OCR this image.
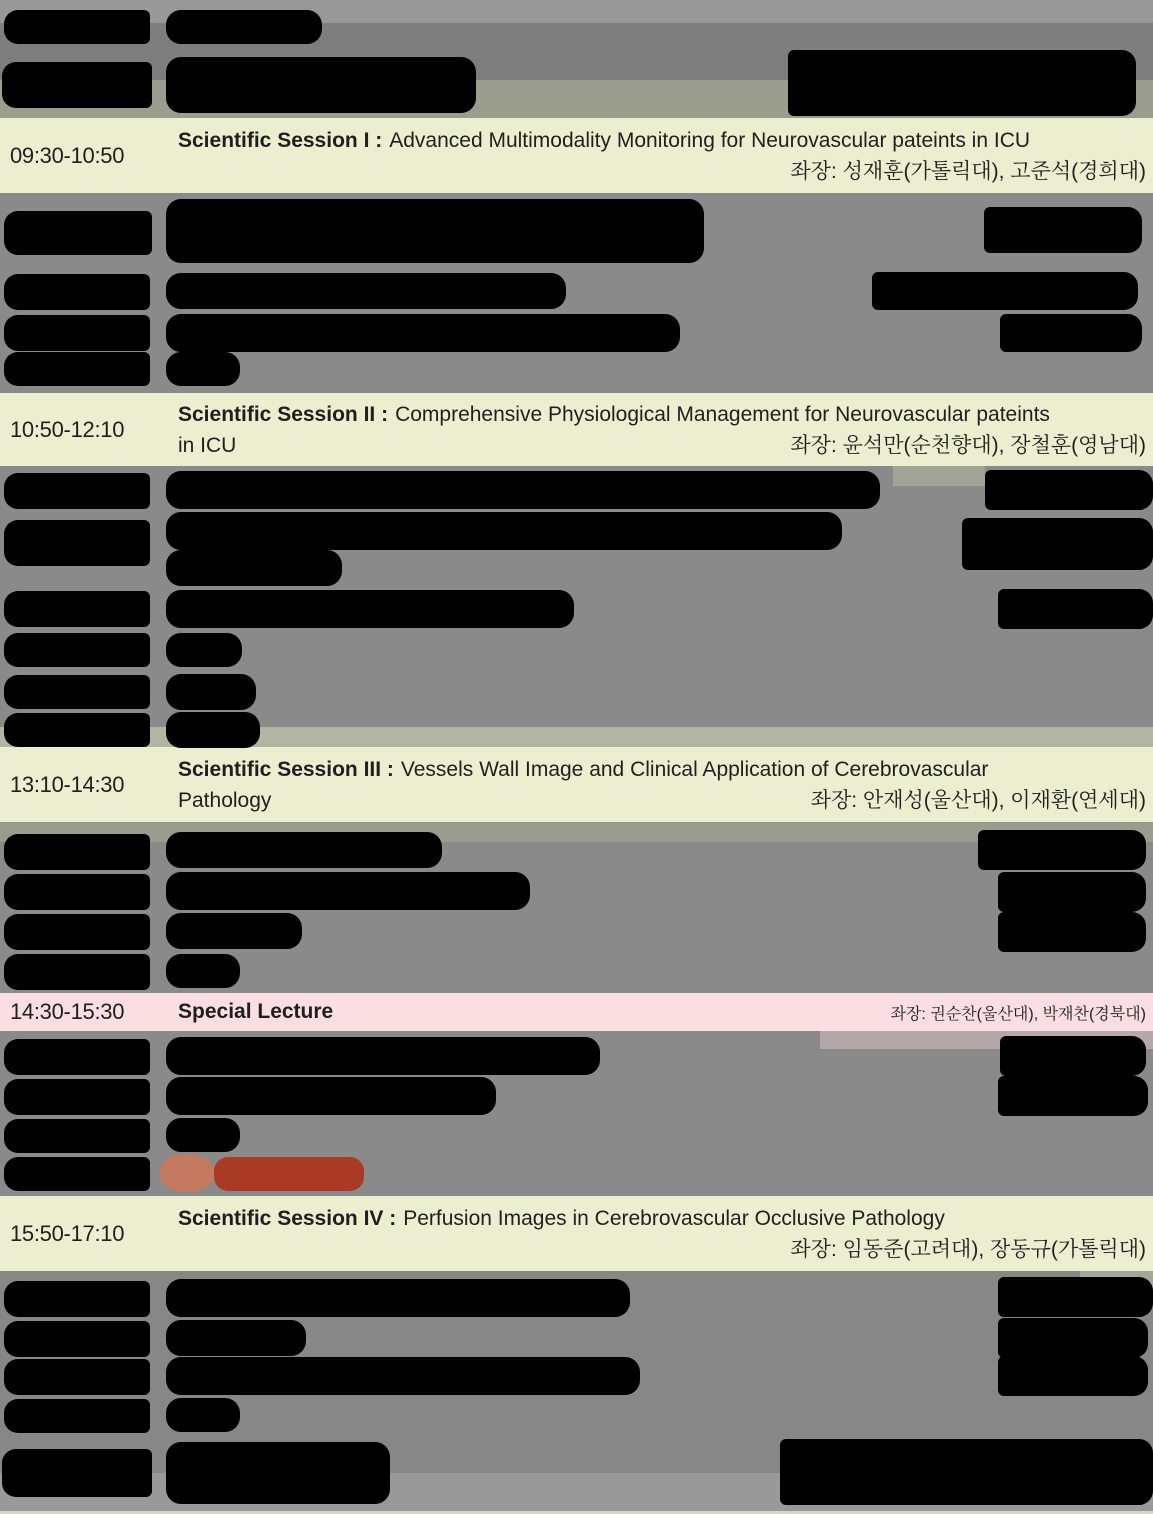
09:30-10:50
Scientific Session I : Advanced Multimodality Monitoring for Neurovascular pateints in ICU
좌장: 성재훈(가톨릭대), 고준석(경희대)
10:50-12:10
Scientific Session II : Comprehensive Physiological Management for Neurovascular pateints
in ICU	좌장: 윤석만(순천향대), 장철훈(영남대)
13:10-14:30
Scientific Session III : Vessels Wall Image and Clinical Application of Cerebrovascular
Pathology	좌장: 안재성(울산대), 이재환(연세대)
14:30-15:30	Special Lecture	좌장: 권순찬(울산대), 박재찬(경북대)
15:50-17:10
Scientific Session IV : Perfusion Images in Cerebrovascular Occlusive Pathology
좌장: 임동준(고려대), 장동규(가톨릭대)
